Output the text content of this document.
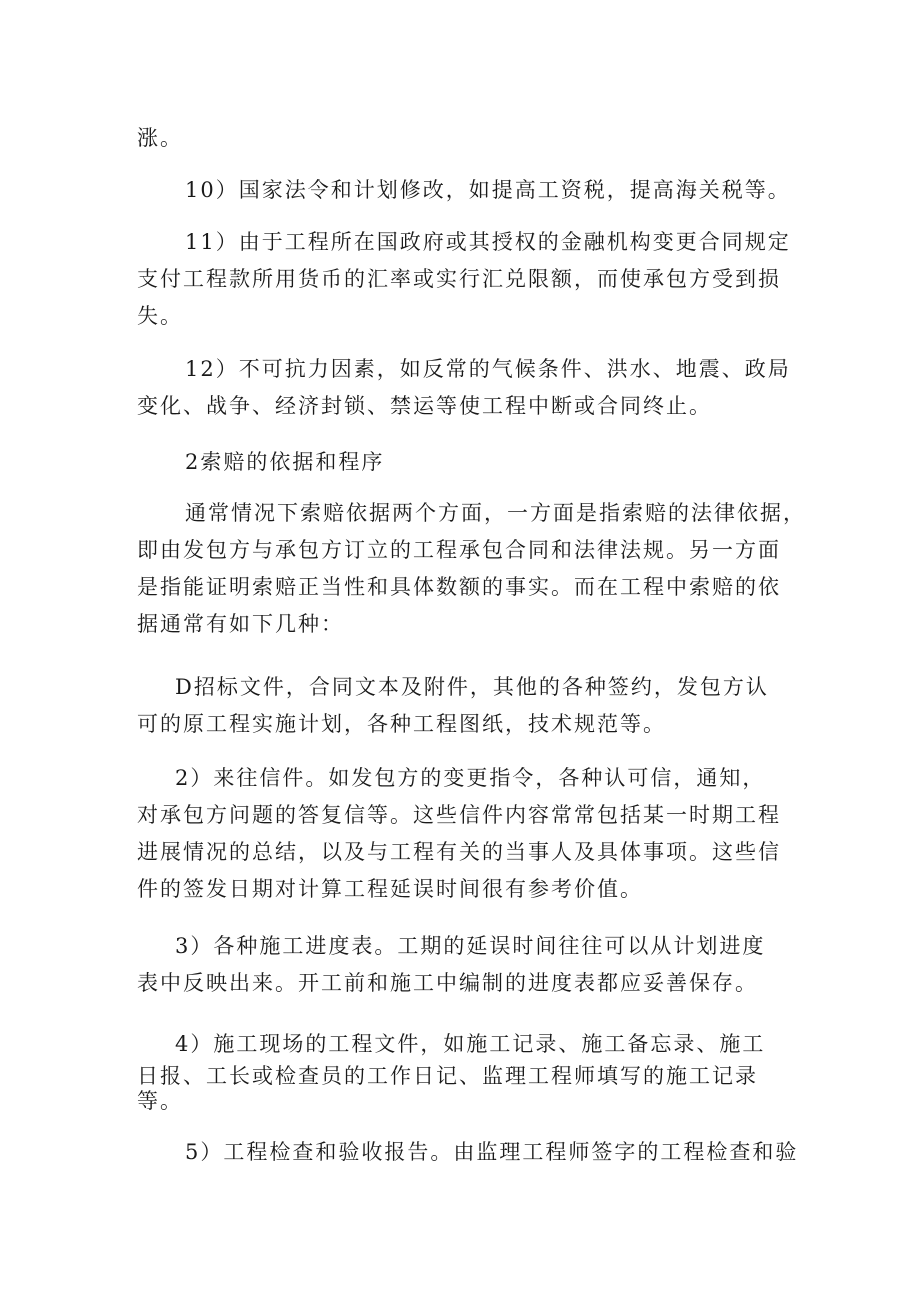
涨。
10）国家法令和计划修改，如提高工资税，提高海关税等。
11）由于工程所在国政府或其授权的金融机构变更合同规定
支付工程款所用货币的汇率或实行汇兑限额，而使承包方受到损
失。
12）不可抗力因素，如反常的气候条件、洪水、地震、政局
变化、战争、经济封锁、禁运等使工程中断或合同终止。
2索赔的依据和程序
通常情况下索赔依据两个方面，一方面是指索赔的法律依据，
即由发包方与承包方订立的工程承包合同和法律法规。另一方面
是指能证明索赔正当性和具体数额的事实。而在工程中索赔的依
据通常有如下几种：
D招标文件，合同文本及附件，其他的各种签约，发包方认
可的原工程实施计划，各种工程图纸，技术规范等。
2）来往信件。如发包方的变更指令，各种认可信，通知，
对承包方问题的答复信等。这些信件内容常常包括某一时期工程
进展情况的总结，以及与工程有关的当事人及具体事项。这些信
件的签发日期对计算工程延误时间很有参考价值。
3）各种施工进度表。工期的延误时间往往可以从计划进度
表中反映出来。开工前和施工中编制的进度表都应妥善保存。
4）施工现场的工程文件，如施工记录、施工备忘录、施工
日报、工长或检查员的工作日记、监理工程师填写的施工记录
等。
5）工程检查和验收报告。由监理工程师签字的工程检查和验
